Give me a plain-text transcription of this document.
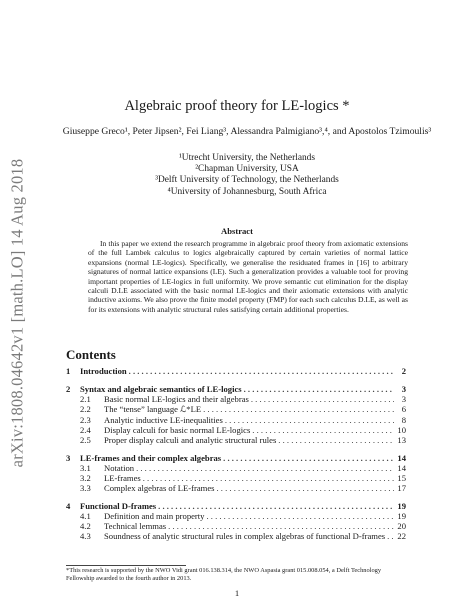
arXiv:1808.04642v1 [math.LO] 14 Aug 2018
Algebraic proof theory for LE-logics *
Giuseppe Greco¹, Peter Jipsen², Fei Liang³, Alessandra Palmigiano³,⁴, and Apostolos Tzimoulis³
¹Utrecht University, the Netherlands
²Chapman University, USA
³Delft University of Technology, the Netherlands
⁴University of Johannesburg, South Africa
Abstract

In this paper we extend the research programme in algebraic proof theory from axiomatic extensions of the full Lambek calculus to logics algebraically captured by certain varieties of normal lattice expansions (normal LE-logics). Specifically, we generalise the residuated frames in [16] to arbitrary signatures of normal lattice expansions (LE). Such a generalization provides a valuable tool for proving important properties of LE-logics in full uniformity. We prove semantic cut elimination for the display calculi D.LE associated with the basic normal LE-logics and their axiomatic extensions with analytic inductive axioms. We also prove the finite model property (FMP) for each such calculus D.LE, as well as for its extensions with analytic structural rules satisfying certain additional properties.

Contents
1	Introduction . . .	2
2	Syntax and algebraic semantics of LE-logics . . .	3
2.1	Basic normal LE-logics and their algebras . . .	3
2.2	The “tense” language ℒ*LE . . .	6
2.3	Analytic inductive LE-inequalities . . .	8
2.4	Display calculi for basic normal LE-logics . . .	10
2.5	Proper display calculi and analytic structural rules . . .	13
3	LE-frames and their complex algebras . . .	14
3.1	Notation . . .	14
3.2	LE-frames . . .	15
3.3	Complex algebras of LE-frames . . .	17
4	Functional D-frames . . .	19
4.1	Definition and main property . . .	19
4.2	Technical lemmas . . .	20
4.3	Soundness of analytic structural rules in complex algebras of functional D-frames . . . 22
*This research is supported by the NWO Vidi grant 016.138.314, the NWO Aspasia grant 015.008.054, a Delft Technology Fellowship awarded to the fourth author in 2013.
1
